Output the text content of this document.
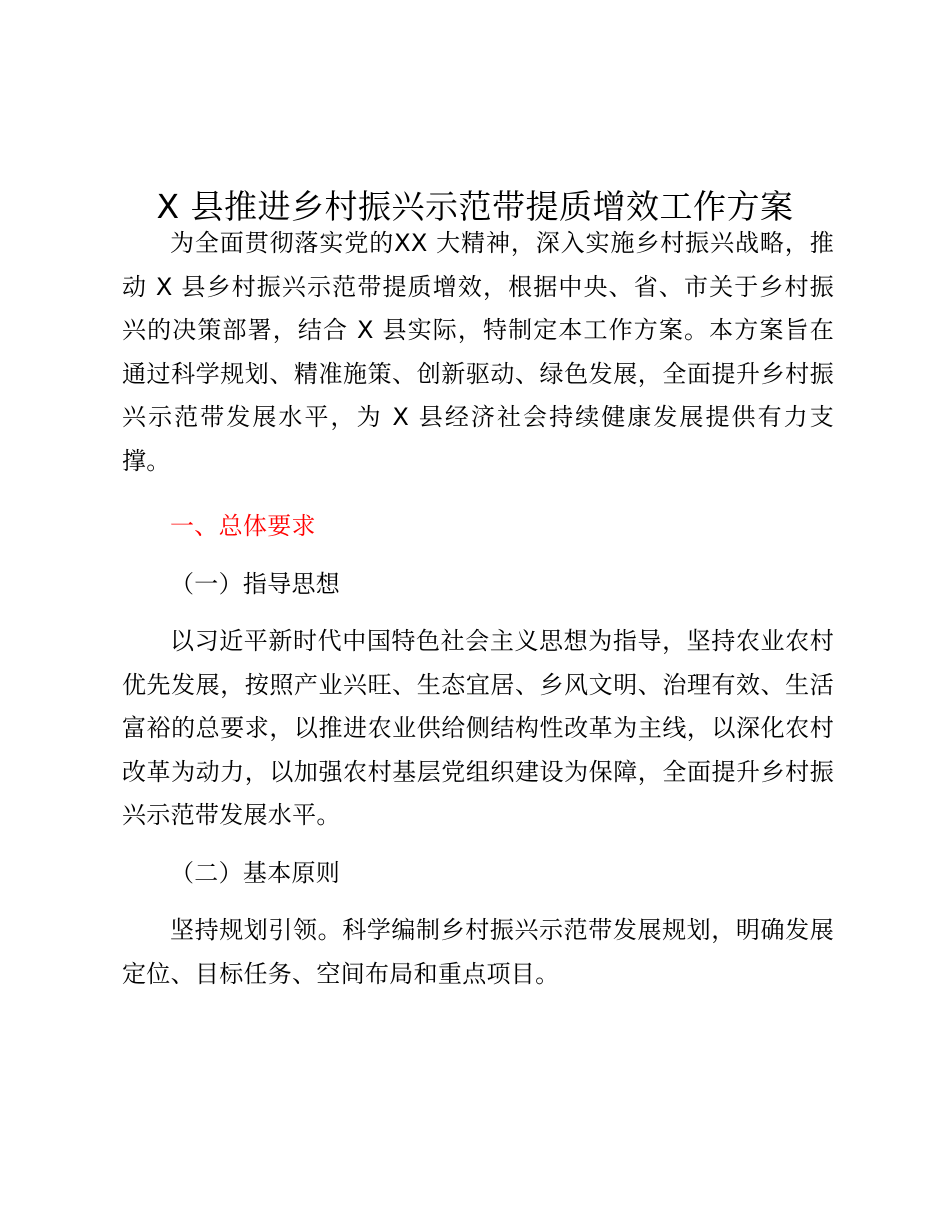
X 县推进乡村振兴示范带提质增效工作方案

为全面贯彻落实党的XX 大精神，深入实施乡村振兴战略，推动 X 县乡村振兴示范带提质增效，根据中央、省、市关于乡村振兴的决策部署，结合 X 县实际，特制定本工作方案。本方案旨在通过科学规划、精准施策、创新驱动、绿色发展，全面提升乡村振兴示范带发展水平，为 X 县经济社会持续健康发展提供有力支撑。

一、总体要求

（一）指导思想

以习近平新时代中国特色社会主义思想为指导，坚持农业农村优先发展，按照产业兴旺、生态宜居、乡风文明、治理有效、生活富裕的总要求，以推进农业供给侧结构性改革为主线，以深化农村改革为动力，以加强农村基层党组织建设为保障，全面提升乡村振兴示范带发展水平。

（二）基本原则

坚持规划引领。科学编制乡村振兴示范带发展规划，明确发展定位、目标任务、空间布局和重点项目。
